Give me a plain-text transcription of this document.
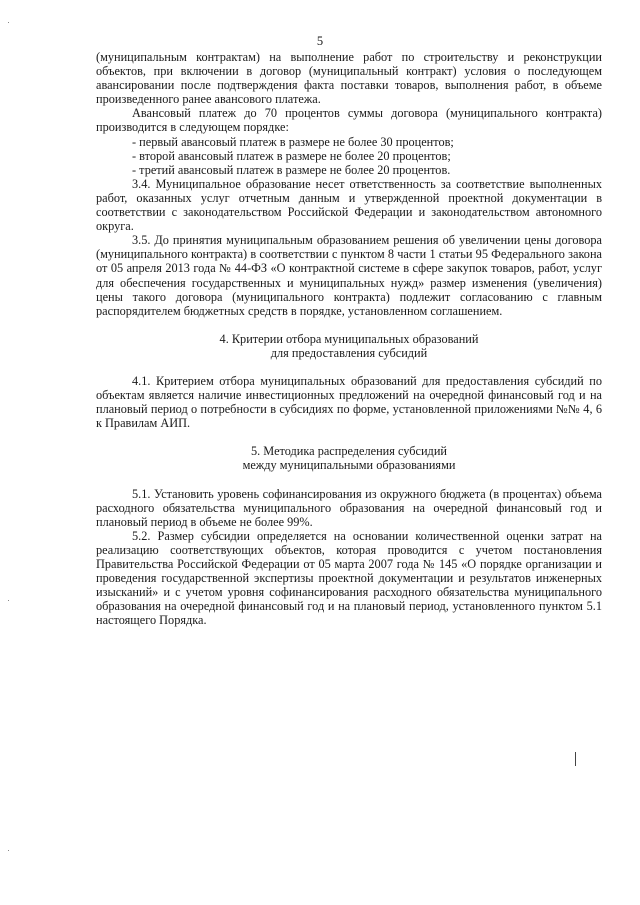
5
(муниципальным контрактам) на выполнение работ по строительству и реконструкции объектов, при включении в договор (муниципальный контракт) условия о последующем авансировании после подтверждения факта поставки товаров, выполнения работ, в объеме произведенного ранее авансового платежа.
Авансовый платеж до 70 процентов суммы договора (муниципального контракта) производится в следующем порядке:
- первый авансовый платеж в размере не более 30 процентов;
- второй авансовый платеж в размере не более 20 процентов;
- третий авансовый платеж в размере не более 20 процентов.
3.4. Муниципальное образование несет ответственность за соответствие выполненных работ, оказанных услуг отчетным данным и утвержденной проектной документации в соответствии с законодательством Российской Федерации и законодательством автономного округа.
3.5. До принятия муниципальным образованием решения об увеличении цены договора (муниципального контракта) в соответствии с пунктом 8 части 1 статьи 95 Федерального закона от 05 апреля 2013 года № 44-ФЗ «О контрактной системе в сфере закупок товаров, работ, услуг для обеспечения государственных и муниципальных нужд» размер изменения (увеличения) цены такого договора (муниципального контракта) подлежит согласованию с главным распорядителем бюджетных средств в порядке, установленном соглашением.
4. Критерии отбора муниципальных образований
для предоставления субсидий
4.1. Критерием отбора муниципальных образований для предоставления субсидий по объектам является наличие инвестиционных предложений на очередной финансовый год и на плановый период о потребности в субсидиях по форме, установленной приложениями №№ 4, 6 к Правилам АИП.
5. Методика распределения субсидий
между муниципальными образованиями
5.1. Установить уровень софинансирования из окружного бюджета (в процентах) объема расходного обязательства муниципального образования на очередной финансовый год и плановый период в объеме не более 99%.
5.2. Размер субсидии определяется на основании количественной оценки затрат на реализацию соответствующих объектов, которая проводится с учетом постановления Правительства Российской Федерации от 05 марта 2007 года № 145 «О порядке организации и проведения государственной экспертизы проектной документации и результатов инженерных изысканий» и с учетом уровня софинансирования расходного обязательства муниципального образования на очередной финансовый год и на плановый период, установленного пунктом 5.1 настоящего Порядка.
